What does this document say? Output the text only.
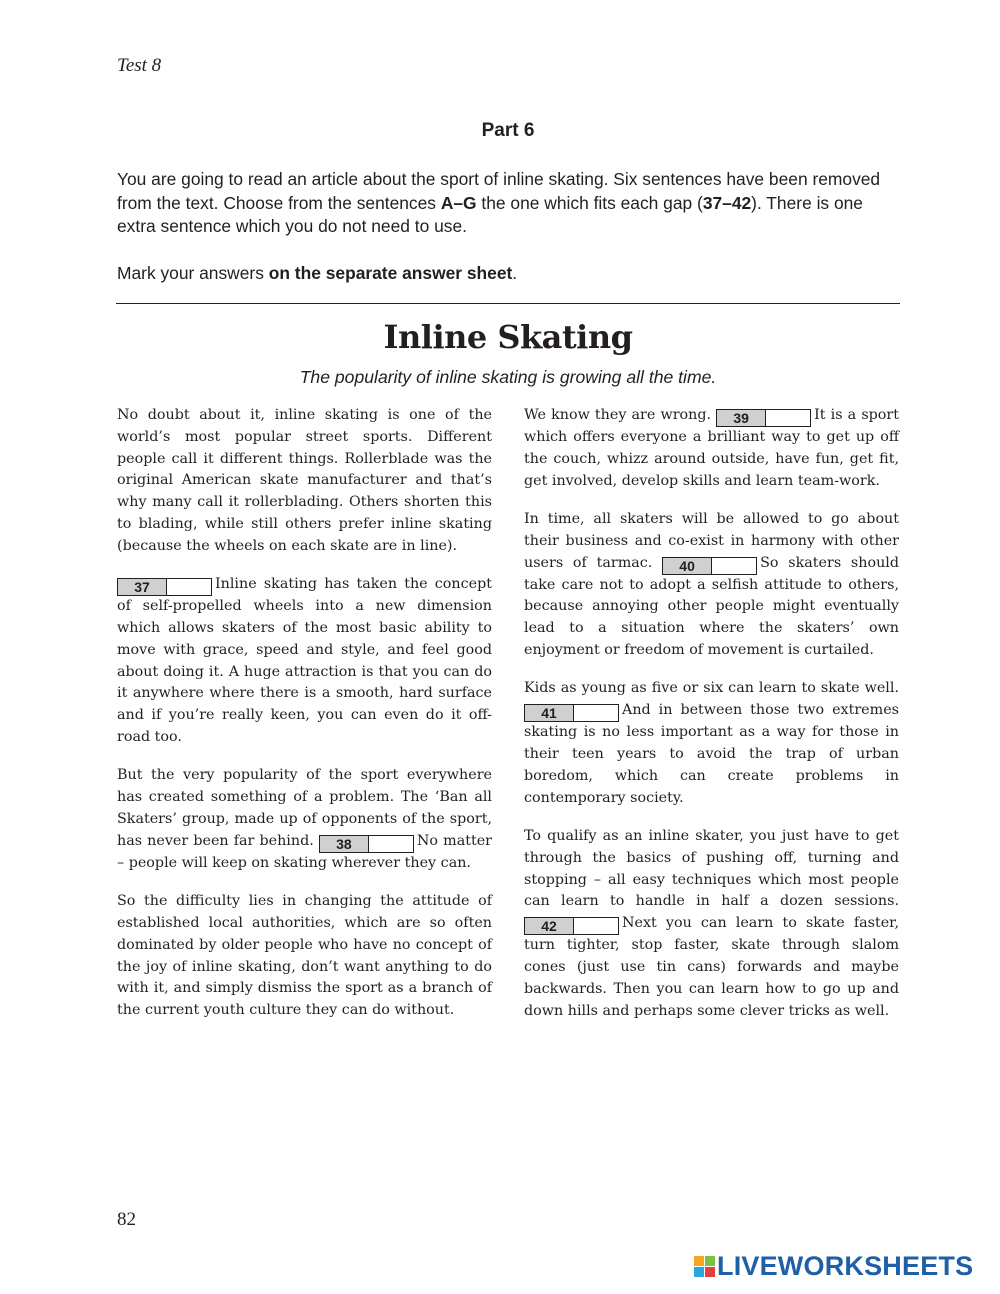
Test 8
Part 6

You are going to read an article about the sport of inline skating. Six sentences have been removed from the text. Choose from the sentences A–G the one which fits each gap (37–42). There is one extra sentence which you do not need to use.

Mark your answers on the separate answer sheet.

Inline Skating
The popularity of inline skating is growing all the time.

No doubt about it, inline skating is one of the world’s most popular street sports. Different people call it different things. Rollerblade was the original American skate manufacturer and that’s why many call it rollerblading. Others shorten this to blading, while still others prefer inline skating (because the wheels on each skate are in line).

37	Inline skating has taken the concept of self-propelled wheels into a new dimension which allows skaters of the most basic ability to move with grace, speed and style, and feel good about doing it. A huge attraction is that you can do it anywhere where there is a smooth, hard surface and if you’re really keen, you can even do it off-road too.

But the very popularity of the sport everywhere has created something of a problem. The ‘Ban all Skaters’ group, made up of opponents of the sport, has never been far behind.	38	No matter – people will keep on skating wherever they can.

So the difficulty lies in changing the attitude of established local authorities, which are so often dominated by older people who have no concept of the joy of inline skating, don’t want anything to do with it, and simply dismiss the sport as a branch of the current youth culture they can do without.

We know they are wrong.	39	It is a sport which offers everyone a brilliant way to get up off the couch, whizz around outside, have fun, get fit, get involved, develop skills and learn team-work.

In time, all skaters will be allowed to go about their business and co-exist in harmony with other users of tarmac.	40	So skaters should take care not to adopt a selfish attitude to others, because annoying other people might eventually lead to a situation where the skaters’ own enjoyment or freedom of movement is curtailed.

Kids as young as five or six can learn to skate well.
41	And in between those two extremes skating is no less important as a way for those in their teen years to avoid the trap of urban boredom, which can create problems in contemporary society.

To qualify as an inline skater, you just have to get through the basics of pushing off, turning and stopping – all easy techniques which most people can learn to handle in half a dozen sessions.
42	Next you can learn to skate faster, turn tighter, stop faster, skate through slalom cones (just use tin cans) forwards and maybe backwards. Then you can learn how to go up and down hills and perhaps some clever tricks as well.

82
LIVEWORKSHEETS
